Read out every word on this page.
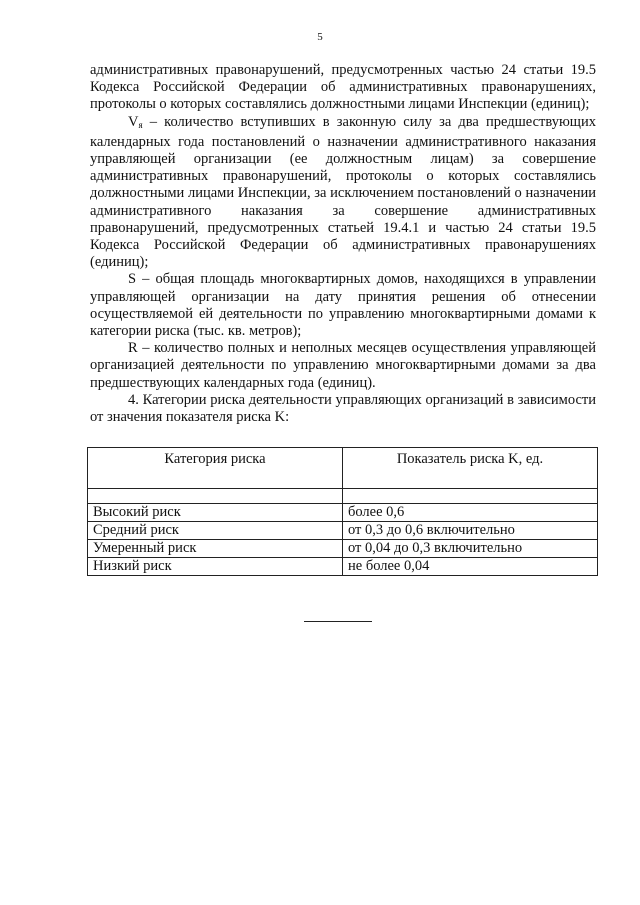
5

административных правонарушений, предусмотренных частью 24 статьи 19.5 Кодекса Российской Федерации об административных правонарушениях, протоколы о которых составлялись должностными лицами Инспекции (единиц);

$V_я$ – количество вступивших в законную силу за два предшествующих календарных года постановлений о назначении административного наказания управляющей организации (ее должностным лицам) за совершение административных правонарушений, протоколы о которых составлялись должностными лицами Инспекции, за исключением постановлений о назначении административного наказания за совершение административных правонарушений, предусмотренных статьей 19.4.1 и частью 24 статьи 19.5 Кодекса Российской Федерации об административных правонарушениях (единиц);

S – общая площадь многоквартирных домов, находящихся в управлении управляющей организации на дату принятия решения об отнесении осуществляемой ей деятельности по управлению многоквартирными домами к категории риска (тыс. кв. метров);

R – количество полных и неполных месяцев осуществления управляющей организацией деятельности по управлению многоквартирными домами за два предшествующих календарных года (единиц).

4. Категории риска деятельности управляющих организаций в зависимости от значения показателя риска K:

Категория риска	Показатель риска K, ед.

Высокий риск	более 0,6
Средний риск	от 0,3 до 0,6 включительно
Умеренный риск	от 0,04 до 0,3 включительно
Низкий риск	не более 0,04
